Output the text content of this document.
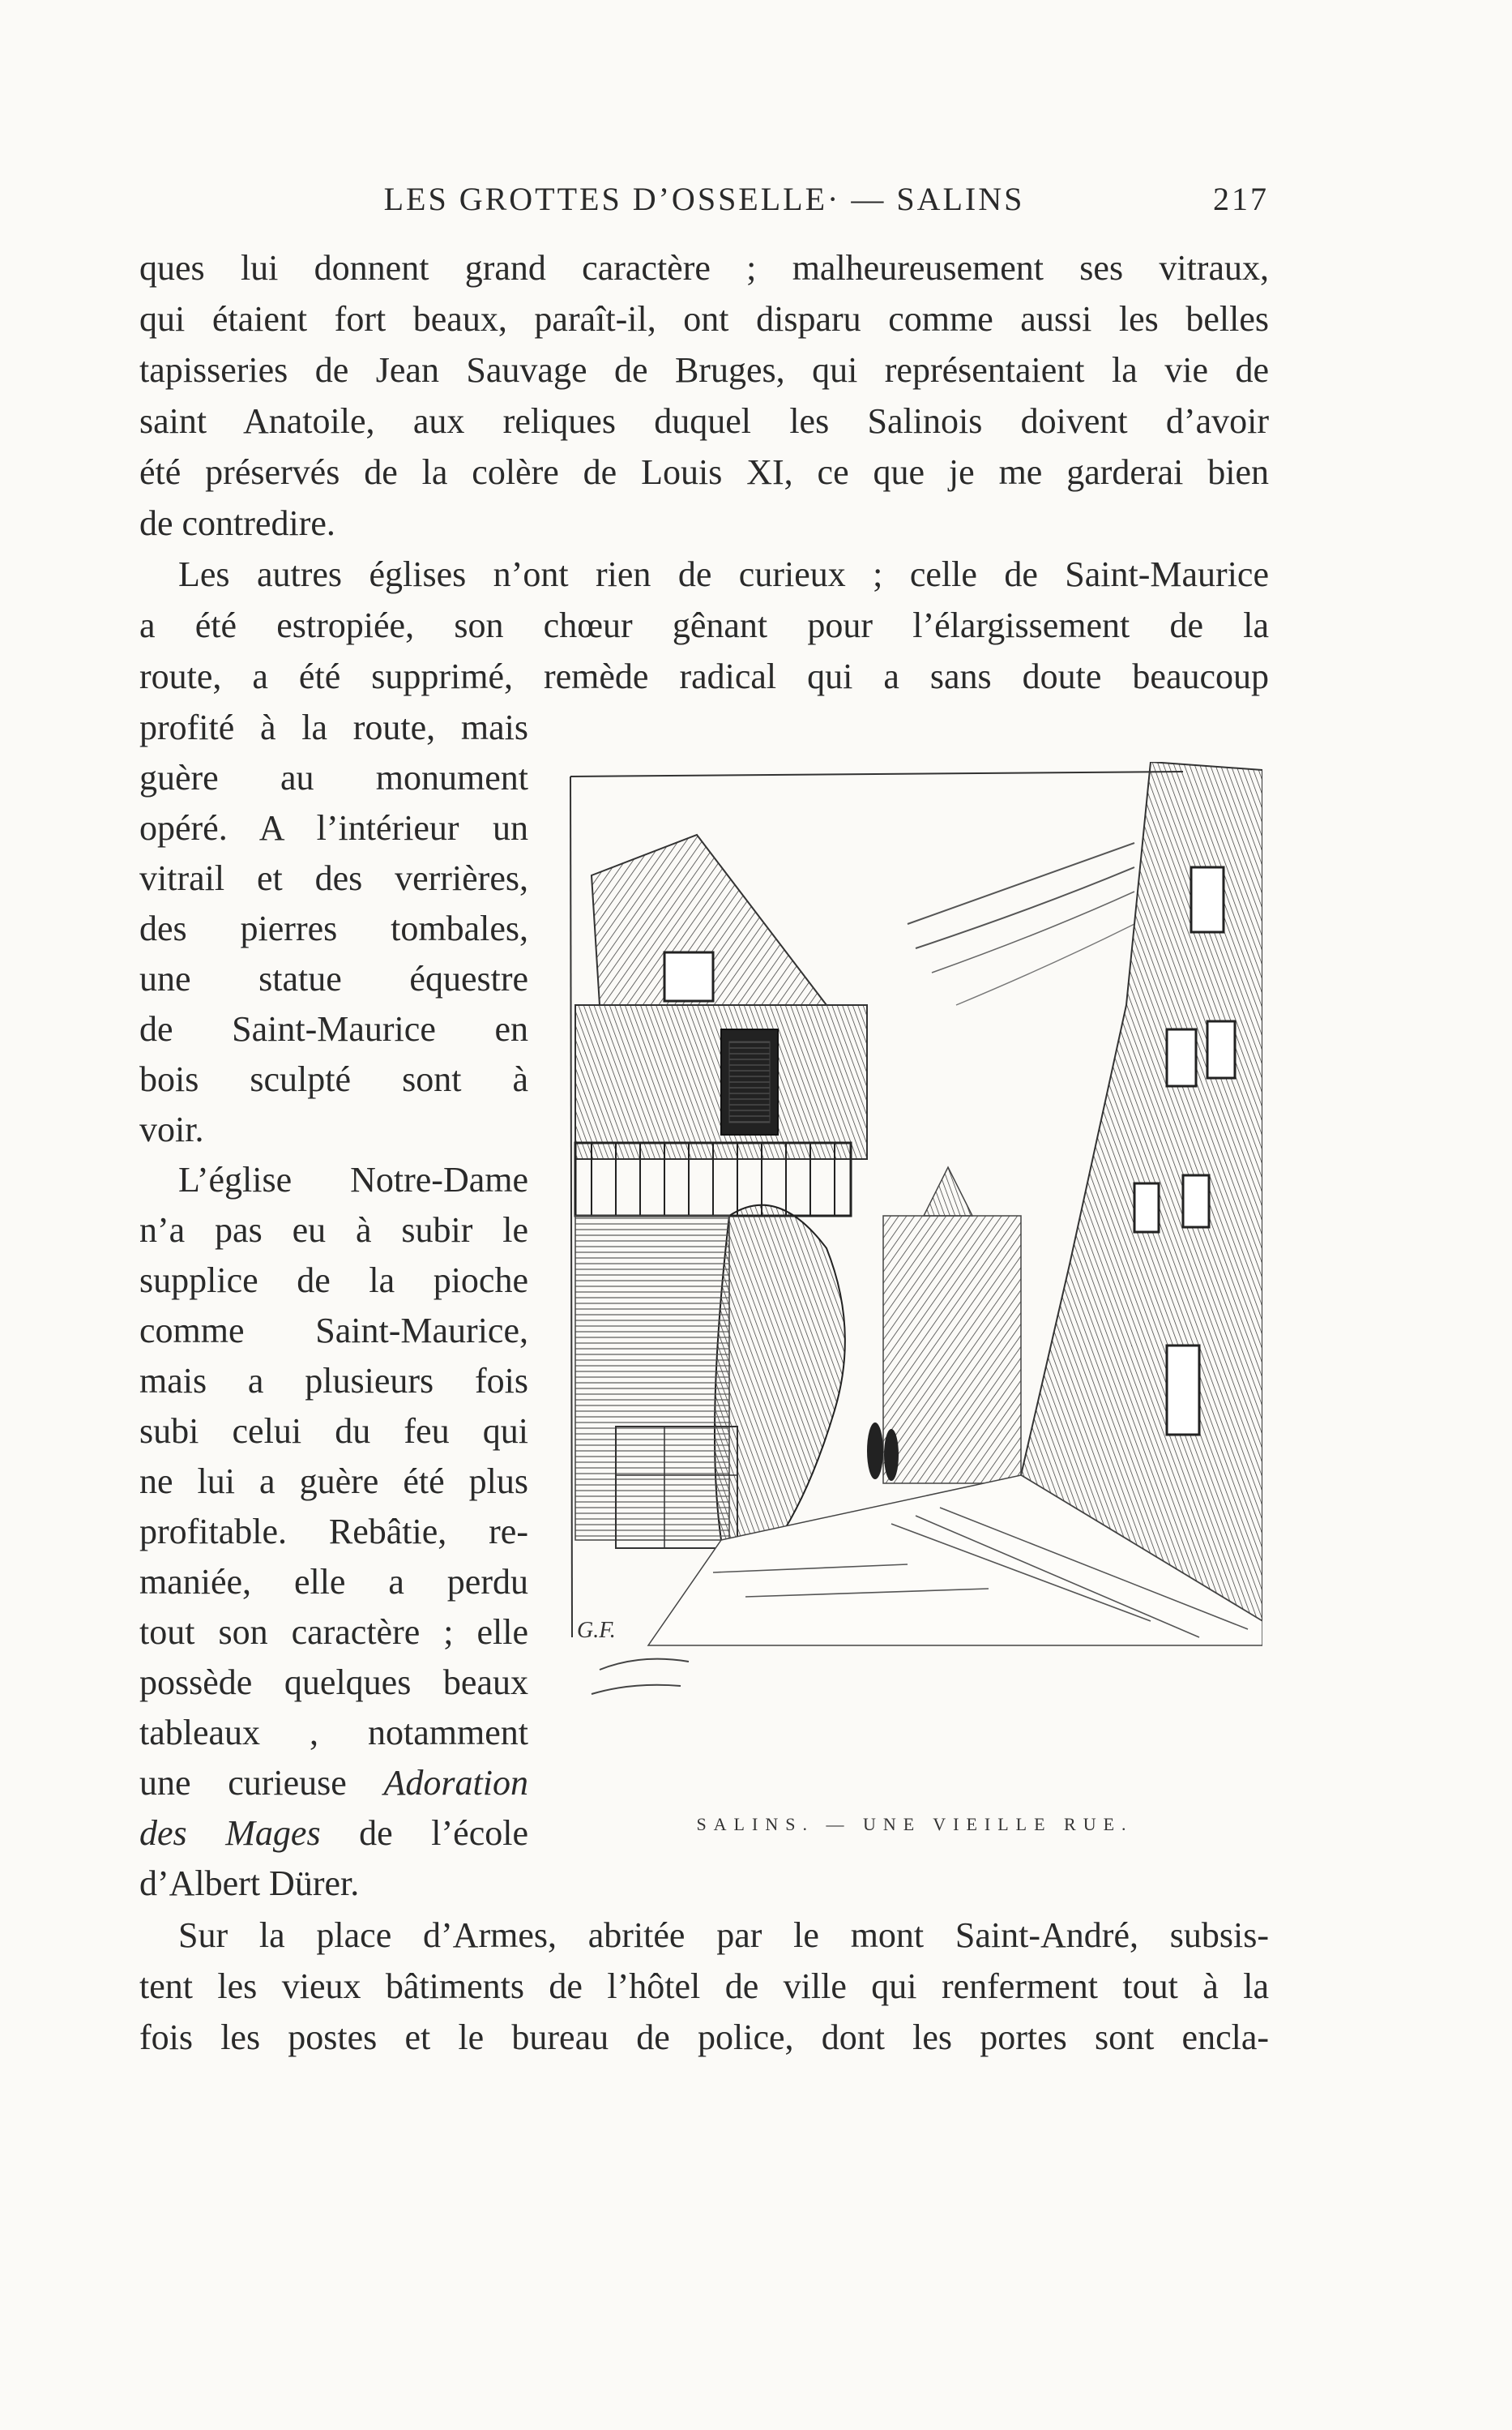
LES GROTTES D’OSSELLE· — SALINS	217
ques lui donnent grand caractère ; malheureusement ses vitraux,
qui étaient fort beaux, paraît-il, ont disparu comme aussi les belles
tapisseries de Jean Sauvage de Bruges, qui représentaient la vie de
saint Anatoile, aux reliques duquel les Salinois doivent d’avoir
été préservés de la colère de Louis XI, ce que je me garderai bien
de contredire.
Les autres églises n’ont rien de curieux ; celle de Saint-Maurice
a été estropiée, son chœur gênant pour l’élargissement de la
route, a été supprimé, remède radical qui a sans doute beaucoup
profité à la route, mais
guère au monument
opéré. A l’intérieur un
vitrail et des verrières,
des pierres tombales,
une statue équestre
de Saint-Maurice en
bois sculpté sont à
voir.
L’église Notre-Dame
n’a pas eu à subir le
supplice de la pioche
comme Saint-Maurice,
mais a plusieurs fois
subi celui du feu qui
ne lui a guère été plus
profitable. Rebâtie, re-
maniée, elle a perdu
tout son caractère ; elle
possède quelques beaux
tableaux , notamment
une curieuse Adoration
des Mages de l’école
d’Albert Dürer.
Sur la place d’Armes, abritée par le mont Saint-André, subsis-
tent les vieux bâtiments de l’hôtel de ville qui renferment tout à la
fois les postes et le bureau de police, dont les portes sont encla-
G.F.
SALINS. — UNE VIEILLE RUE.
